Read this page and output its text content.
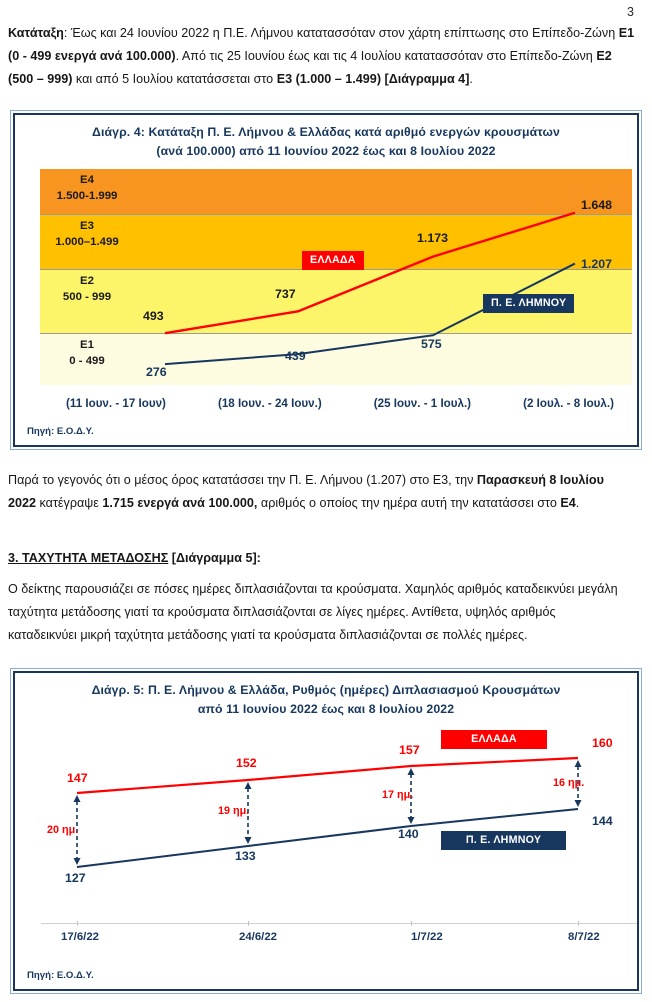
3
Κατάταξη: Έως και 24 Ιουνίου 2022 η Π.Ε. Λήμνου κατατασσόταν στον χάρτη επίπτωσης στο Επίπεδο-Ζώνη Ε1 (0 - 499 ενεργά ανά 100.000). Από τις 25 Ιουνίου έως και τις 4 Ιουλίου κατατασσόταν στο Επίπεδο-Ζώνη Ε2 (500 – 999) και από 5 Ιουλίου κατατάσσεται στο Ε3 (1.000 – 1.499) [Διάγραμμα 4].
Διάγρ. 4: Κατάταξη Π. Ε. Λήμνου & Ελλάδας κατά αριθμό ενεργών κρουσμάτων
(ανά 100.000) από 11 Ιουνίου 2022 έως και 8 Ιουλίου 2022
E4
1.500-1.999
E3
1.000–1.499
E2
500 - 999
E1
0 - 499
493
737
1.173
1.648
276
439
575
1.207
ΕΛΛΑΔΑ
Π. Ε. ΛΗΜΝΟΥ
(11 Ιουν. - 17 Ιουν)	(18 Ιουν. - 24 Ιουν.)	(25 Ιουν. - 1 Ιουλ.)	(2 Ιουλ. - 8 Ιουλ.)
Πηγή: Ε.Ο.Δ.Υ.
Παρά το γεγονός ότι ο μέσος όρος κατατάσσει την Π. Ε. Λήμνου (1.207) στο Ε3, την Παρασκευή 8 Ιουλίου 2022 κατέγραψε 1.715 ενεργά ανά 100.000, αριθμός ο οποίος την ημέρα αυτή την κατατάσσει στο Ε4.
3. ΤΑΧΥΤΗΤΑ ΜΕΤΑΔΟΣΗΣ [Διάγραμμα 5]:
Ο δείκτης παρουσιάζει σε πόσες ημέρες διπλασιάζονται τα κρούσματα. Χαμηλός αριθμός καταδεικνύει μεγάλη ταχύτητα μετάδοσης γιατί τα κρούσματα διπλασιάζονται σε λίγες ημέρες. Αντίθετα, υψηλός αριθμός καταδεικνύει μικρή ταχύτητα μετάδοσης γιατί τα κρούσματα διπλασιάζονται σε πολλές ημέρες.
Διάγρ. 5: Π. Ε. Λήμνου & Ελλάδα, Ρυθμός (ημέρες) Διπλασιασμού Κρουσμάτων
από 11 Ιουνίου 2022 έως και 8 Ιουλίου 2022
147
152
157	160
127
133
140
144
20 ημ.
19 ημ.
17 ημ.
16 ημ.
ΕΛΛΑΔΑ
Π. Ε. ΛΗΜΝΟΥ
17/6/22	24/6/22	1/7/22	8/7/22
Πηγή: Ε.Ο.Δ.Υ.
